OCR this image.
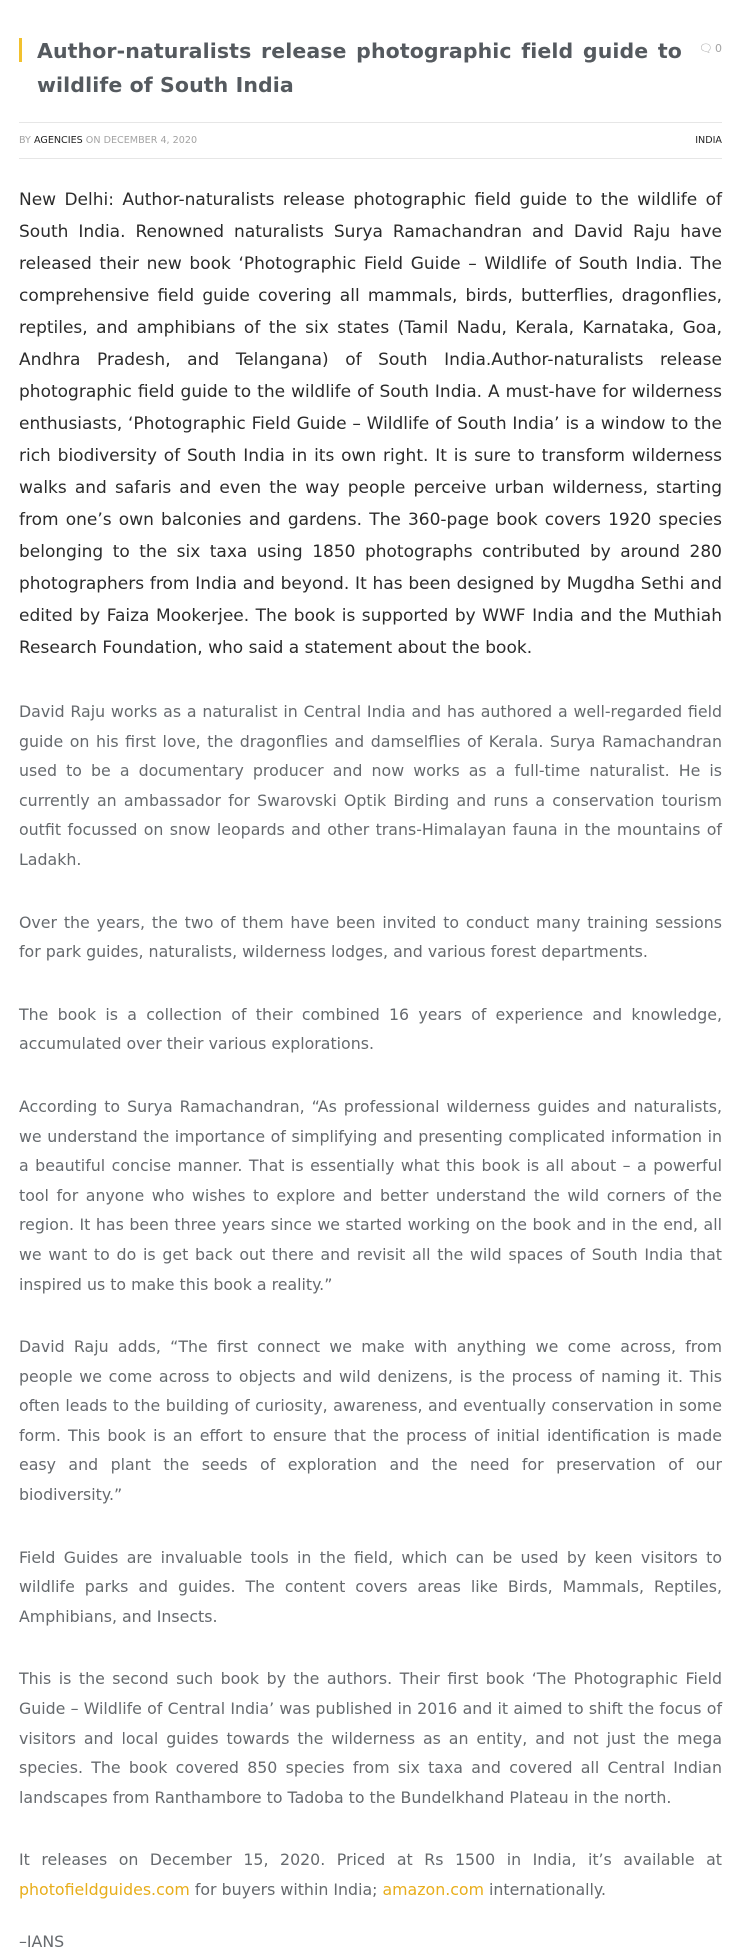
Author-naturalists release photographic field guide to wildlife of South India
🗨 0
BY AGENCIES ON DECEMBER 4, 2020	INDIA

New Delhi: Author-naturalists release photographic field guide to the wildlife of South India. Renowned naturalists Surya Ramachandran and David Raju have released their new book ‘Photographic Field Guide – Wildlife of South India. The comprehensive field guide covering all mammals, birds, butterflies, dragonflies, reptiles, and amphibians of the six states (Tamil Nadu, Kerala, Karnataka, Goa, Andhra Pradesh, and Telangana) of South India.Author-naturalists release photographic field guide to the wildlife of South India. A must-have for wilderness enthusiasts, ‘Photographic Field Guide – Wildlife of South India’ is a window to the rich biodiversity of South India in its own right. It is sure to transform wilderness walks and safaris and even the way people perceive urban wilderness, starting from one’s own balconies and gardens. The 360-page book covers 1920 species belonging to the six taxa using 1850 photographs contributed by around 280 photographers from India and beyond. It has been designed by Mugdha Sethi and edited by Faiza Mookerjee. The book is supported by WWF India and the Muthiah Research Foundation, who said a statement about the book.

David Raju works as a naturalist in Central India and has authored a well-regarded field guide on his first love, the dragonflies and damselflies of Kerala. Surya Ramachandran used to be a documentary producer and now works as a full-time naturalist. He is currently an ambassador for Swarovski Optik Birding and runs a conservation tourism outfit focussed on snow leopards and other trans-Himalayan fauna in the mountains of Ladakh.

Over the years, the two of them have been invited to conduct many training sessions for park guides, naturalists, wilderness lodges, and various forest departments.

The book is a collection of their combined 16 years of experience and knowledge, accumulated over their various explorations.

According to Surya Ramachandran, “As professional wilderness guides and naturalists, we understand the importance of simplifying and presenting complicated information in a beautiful concise manner. That is essentially what this book is all about – a powerful tool for anyone who wishes to explore and better understand the wild corners of the region. It has been three years since we started working on the book and in the end, all we want to do is get back out there and revisit all the wild spaces of South India that inspired us to make this book a reality.”

David Raju adds, “The first connect we make with anything we come across, from people we come across to objects and wild denizens, is the process of naming it. This often leads to the building of curiosity, awareness, and eventually conservation in some form. This book is an effort to ensure that the process of initial identification is made easy and plant the seeds of exploration and the need for preservation of our biodiversity.”

Field Guides are invaluable tools in the field, which can be used by keen visitors to wildlife parks and guides. The content covers areas like Birds, Mammals, Reptiles, Amphibians, and Insects.

This is the second such book by the authors. Their first book ‘The Photographic Field Guide – Wildlife of Central India’ was published in 2016 and it aimed to shift the focus of visitors and local guides towards the wilderness as an entity, and not just the mega species. The book covered 850 species from six taxa and covered all Central Indian landscapes from Ranthambore to Tadoba to the Bundelkhand Plateau in the north.

It releases on December 15, 2020. Priced at Rs 1500 in India, it’s available at photofieldguides.com for buyers within India; amazon.com internationally.

–IANS
